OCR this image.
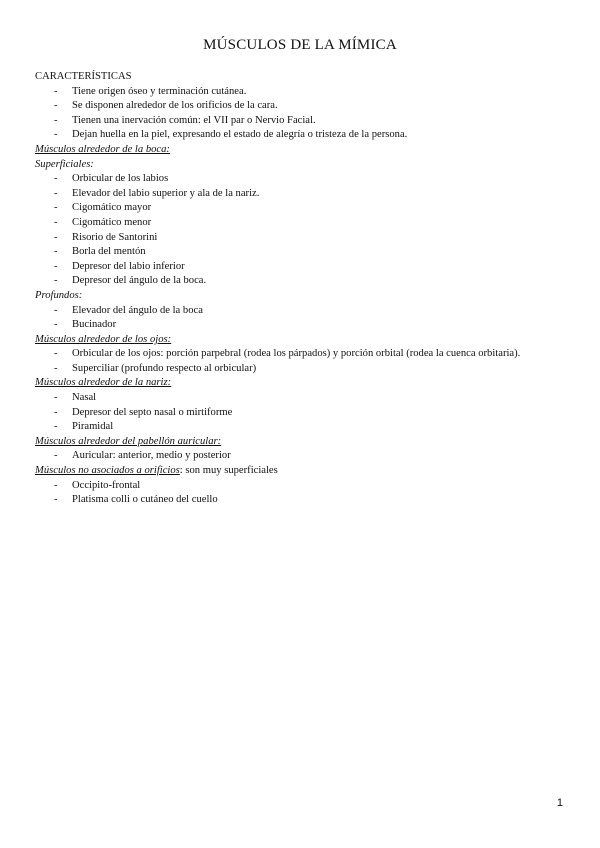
MÚSCULOS DE LA MÍMICA
CARACTERÍSTICAS
- Tiene origen óseo y terminación cutánea.
- Se disponen alrededor de los orificios de la cara.
- Tienen una inervación común: el VII par o Nervio Facial.
- Dejan huella en la piel, expresando el estado de alegría o tristeza de la persona.
Músculos alrededor de la boca:
Superficiales:
- Orbicular de los labios
- Elevador del labio superior y ala de la nariz.
- Cigomático mayor
- Cigomático menor
- Risorio de Santorini
- Borla del mentón
- Depresor del labio inferior
- Depresor del ángulo de la boca.
Profundos:
- Elevador del ángulo de la boca
- Bucinador
Músculos alrededor de los ojos:
- Orbicular de los ojos: porción parpebral (rodea los párpados) y porción orbital (rodea la cuenca orbitaria).
- Superciliar (profundo respecto al orbicular)
Músculos alrededor de la nariz:
- Nasal
- Depresor del septo nasal o mirtiforme
- Piramidal
Músculos alrededor del pabellón auricular:
- Auricular: anterior, medio y posterior
Músculos no asociados a orificios: son muy superficiales
- Occipito-frontal
- Platisma colli o cutáneo del cuello
1
